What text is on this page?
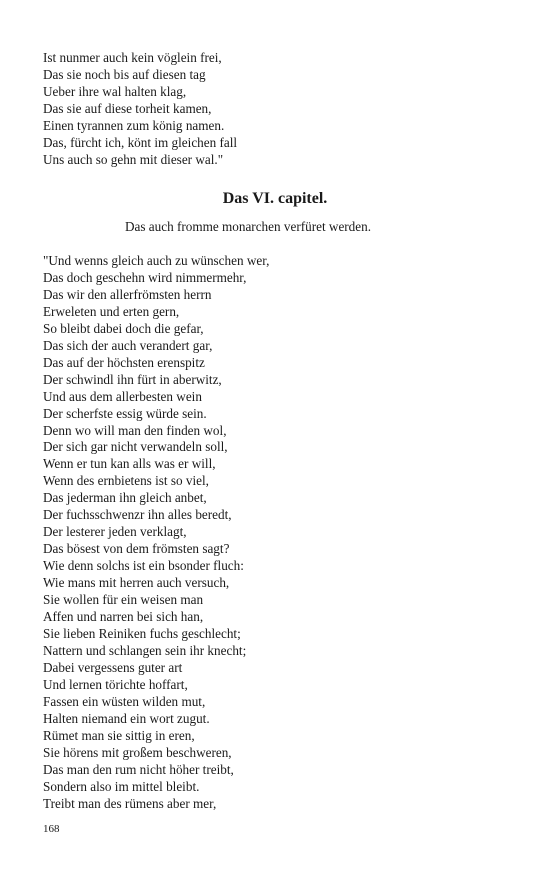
Ist nunmer auch kein vöglein frei,
Das sie noch bis auf diesen tag
Ueber ihre wal halten klag,
Das sie auf diese torheit kamen,
Einen tyrannen zum könig namen.
Das, fürcht ich, könt im gleichen fall
Uns auch so gehn mit dieser wal."
Das VI. capitel.

Das auch fromme monarchen verfüret werden.

"Und wenns gleich auch zu wünschen wer,
Das doch geschehn wird nimmermehr,
Das wir den allerfrömsten herrn
Erweleten und erten gern,
So bleibt dabei doch die gefar,
Das sich der auch verandert gar,
Das auf der höchsten erenspitz
Der schwindl ihn fürt in aberwitz,
Und aus dem allerbesten wein
Der scherfste essig würde sein.
Denn wo will man den finden wol,
Der sich gar nicht verwandeln soll,
Wenn er tun kan alls was er will,
Wenn des ernbietens ist so viel,
Das jederman ihn gleich anbet,
Der fuchsschwenzr ihn alles beredt,
Der lesterer jeden verklagt,
Das bösest von dem frömsten sagt?
Wie denn solchs ist ein bsonder fluch:
Wie mans mit herren auch versuch,
Sie wollen für ein weisen man
Affen und narren bei sich han,
Sie lieben Reiniken fuchs geschlecht;
Nattern und schlangen sein ihr knecht;
Dabei vergessens guter art
Und lernen törichte hoffart,
Fassen ein wüsten wilden mut,
Halten niemand ein wort zugut.
Rümet man sie sittig in eren,
Sie hörens mit großem beschweren,
Das man den rum nicht höher treibt,
Sondern also im mittel bleibt.
Treibt man des rümens aber mer,
168
